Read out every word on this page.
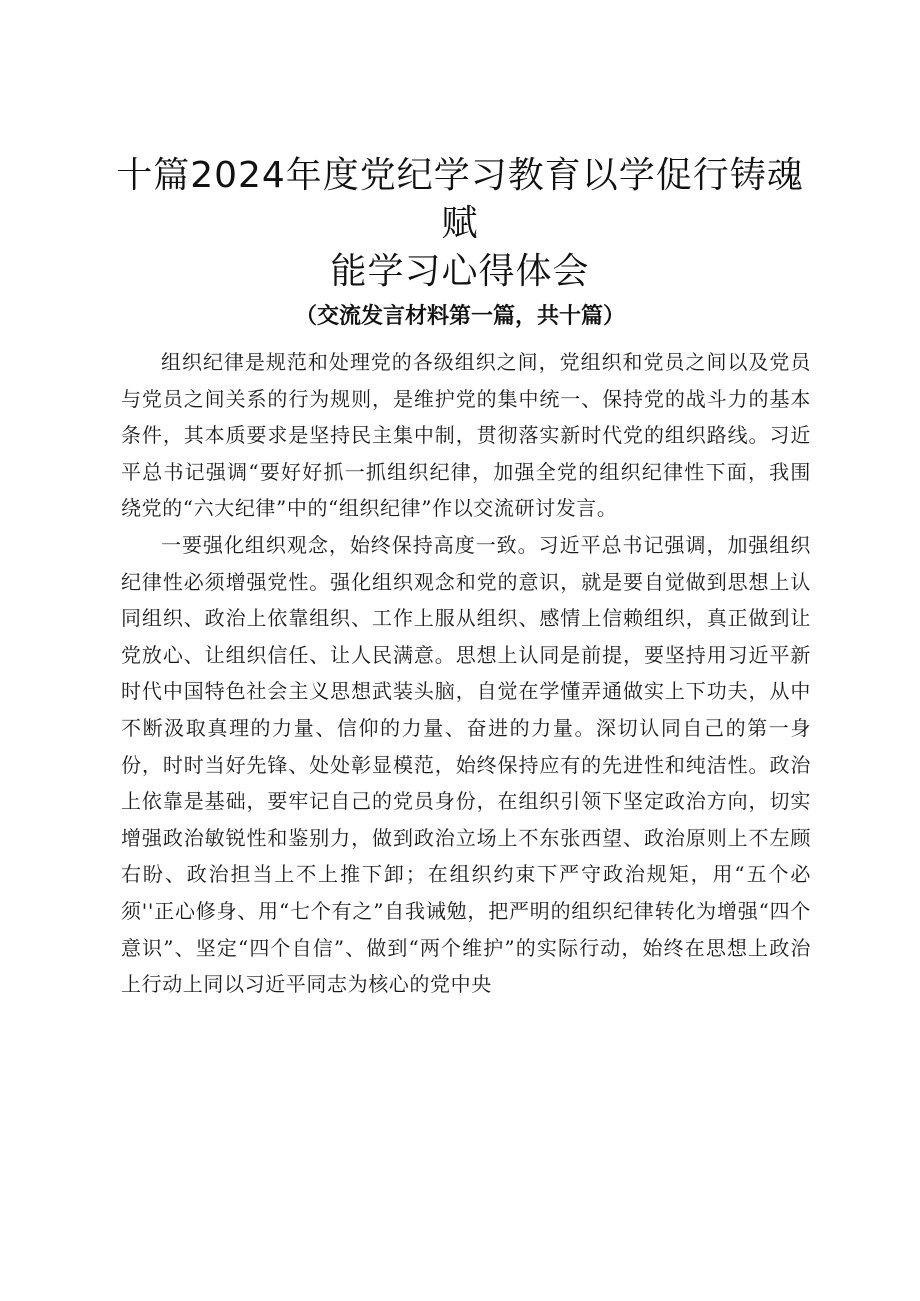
十篇2024年度党纪学习教育以学促行铸魂赋
能学习心得体会
（交流发言材料第一篇，共十篇）

组织纪律是规范和处理党的各级组织之间，党组织和党员之间以及党员与党员之间关系的行为规则，是维护党的集中统一、保持党的战斗力的基本条件，其本质要求是坚持民主集中制，贯彻落实新时代党的组织路线。习近平总书记强调“要好好抓一抓组织纪律，加强全党的组织纪律性下面，我围绕党的“六大纪律”中的“组织纪律”作以交流研讨发言。

一要强化组织观念，始终保持高度一致。习近平总书记强调，加强组织纪律性必须增强党性。强化组织观念和党的意识，就是要自觉做到思想上认同组织、政治上依靠组织、工作上服从组织、感情上信赖组织，真正做到让党放心、让组织信任、让人民满意。思想上认同是前提，要坚持用习近平新时代中国特色社会主义思想武装头脑，自觉在学懂弄通做实上下功夫，从中不断汲取真理的力量、信仰的力量、奋进的力量。深切认同自己的第一身份，时时当好先锋、处处彰显模范，始终保持应有的先进性和纯洁性。政治上依靠是基础，要牢记自己的党员身份，在组织引领下坚定政治方向，切实增强政治敏锐性和鉴别力，做到政治立场上不东张西望、政治原则上不左顾右盼、政治担当上不上推下卸；在组织约束下严守政治规矩，用“五个必须''正心修身、用“七个有之”自我诫勉，把严明的组织纪律转化为增强“四个意识”、坚定“四个自信”、做到“两个维护”的实际行动，始终在思想上政治上行动上同以习近平同志为核心的党中央
